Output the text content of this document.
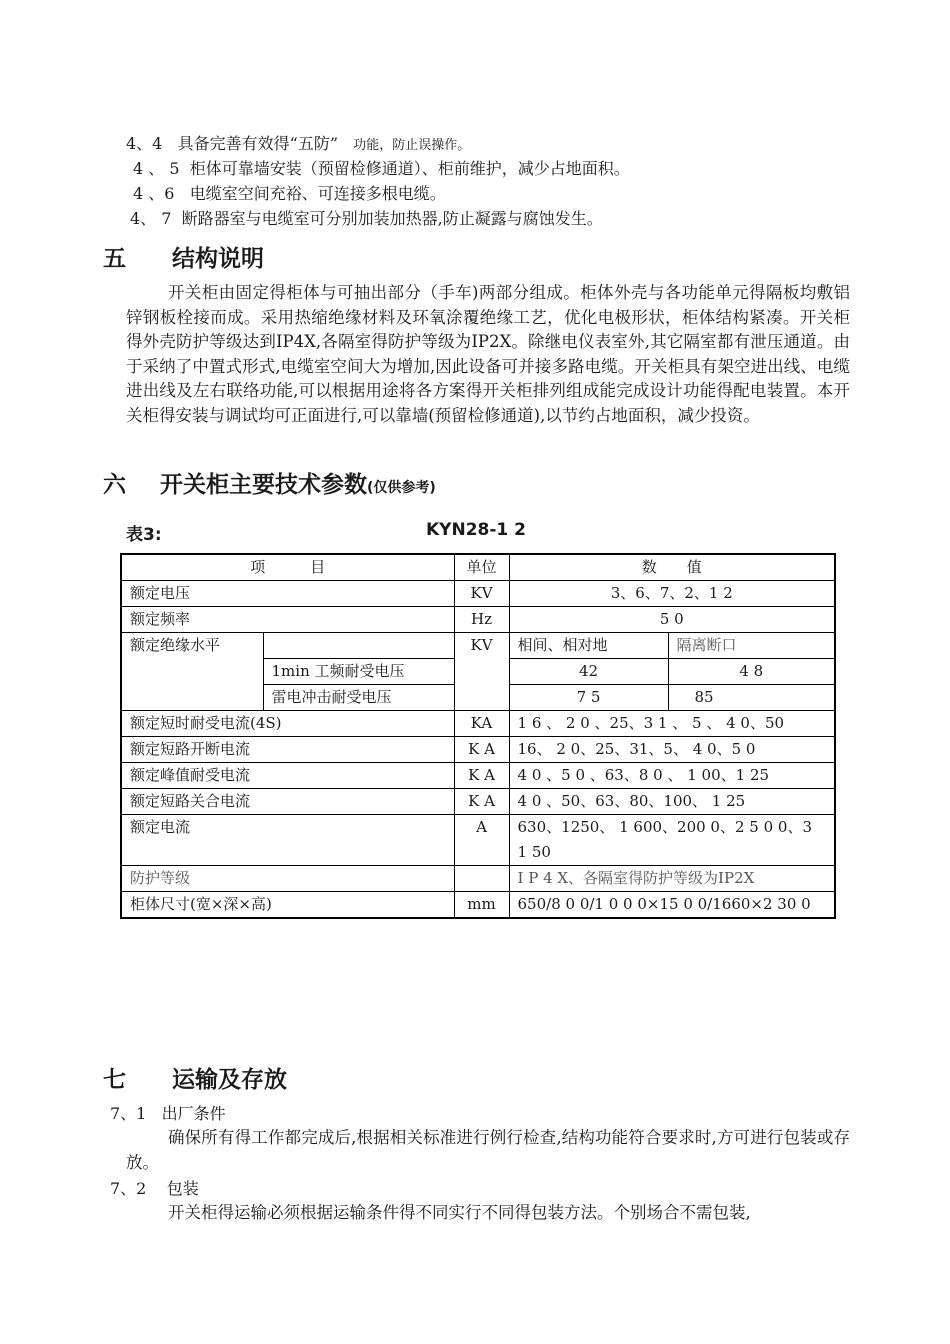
4、4 具备完善有效得“五防” 功能，防止误操作。
4 、 5 柜体可靠墙安装（预留检修通道）、柜前维护，减少占地面积。
4 、6 电缆室空间充裕、可连接多根电缆。
4、 7 断路器室与电缆室可分别加装加热器,防止凝露与腐蚀发生。
五 结构说明
开关柜由固定得柜体与可抽出部分（手车)两部分组成。柜体外壳与各功能单元得隔板均敷铝锌钢板栓接而成。采用热缩绝缘材料及环氧涂覆绝缘工艺，优化电极形状，柜体结构紧凑。开关柜得外壳防护等级达到IP4X,各隔室得防护等级为IP2X。除继电仪表室外,其它隔室都有泄压通道。由于采纳了中置式形式,电缆室空间大为增加,因此设备可并接多路电缆。开关柜具有架空进出线、电缆进出线及左右联络功能,可以根据用途将各方案得开关柜排列组成能完成设计功能得配电装置。本开关柜得安装与调试均可正面进行,可以靠墙(预留检修通道),以节约占地面积，减少投资。
六 开关柜主要技术参数(仅供参考)
表3:	KYN28-1 2
项　　　目		单位	数　　值	
额定电压		KV	3、6、7、2、1 2	
额定频率		Hz	5 0	
额定绝缘水平		KV	相间、相对地	隔离断口
	1min 工频耐受电压		42	4 8
	雷电冲击耐受电压		7 5	85
额定短时耐受电流(4S)		KA	1 6 、 2 0 、25、3 1 、 5 、 4 0、50	
额定短路开断电流		K A	16、 2 0、25、31、5、 4 0、5 0	
额定峰值耐受电流		K A	4 0 、5 0 、63、8 0 、 1 00、1 25	
额定短路关合电流		K A	4 0 、50、63、80、100、 1 25	
额定电流		A	630、1250、 1 600、200 0、2 5 0 0、3 1 50	
防护等级			I P 4 X、各隔室得防护等级为IP2X	
柜体尺寸(宽×深×高)		mm	650/8 0 0/1 0 0 0×15 0 0/1660×2 30 0	
七 运输及存放
7、1 出厂条件
确保所有得工作都完成后,根据相关标准进行例行检查,结构功能符合要求时,方可进行包装或存放。
7、2 包装
开关柜得运输必须根据运输条件得不同实行不同得包装方法。个别场合不需包装,
